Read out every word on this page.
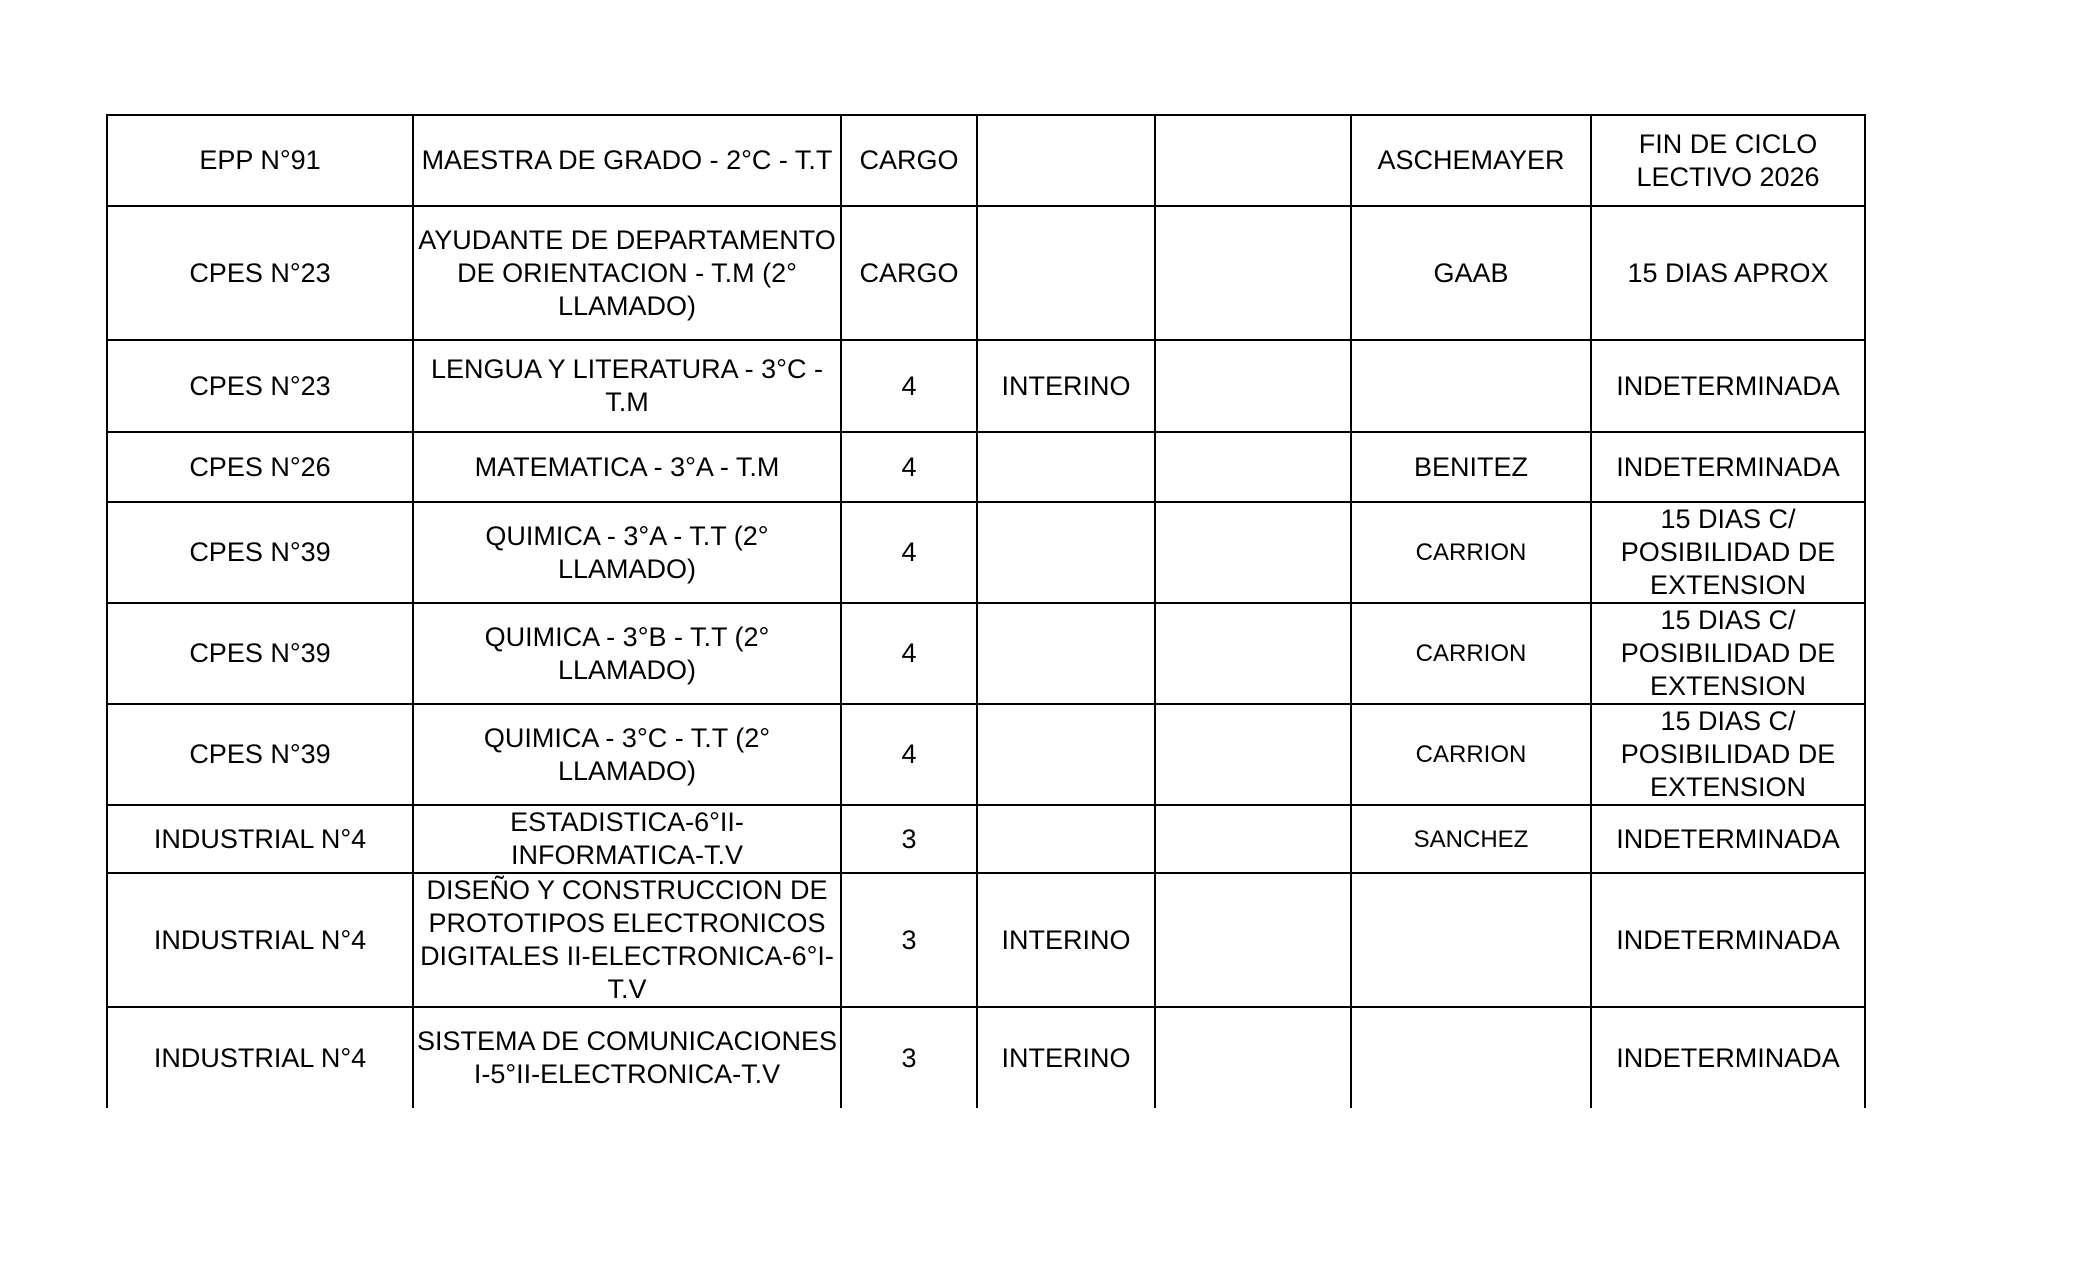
EPP N°91	MAESTRA DE GRADO - 2°C - T.T	CARGO			ASCHEMAYER	FIN DE CICLO LECTIVO 2026
CPES N°23	AYUDANTE DE DEPARTAMENTO DE ORIENTACION - T.M (2° LLAMADO)	CARGO			GAAB	15 DIAS APROX
CPES N°23	LENGUA Y LITERATURA - 3°C - T.M	4	INTERINO			INDETERMINADA
CPES N°26	MATEMATICA - 3°A - T.M	4			BENITEZ	INDETERMINADA
CPES N°39	QUIMICA - 3°A - T.T (2° LLAMADO)	4			CARRION	15 DIAS C/ POSIBILIDAD DE EXTENSION
CPES N°39	QUIMICA - 3°B - T.T (2° LLAMADO)	4			CARRION	15 DIAS C/ POSIBILIDAD DE EXTENSION
CPES N°39	QUIMICA - 3°C - T.T (2° LLAMADO)	4			CARRION	15 DIAS C/ POSIBILIDAD DE EXTENSION
INDUSTRIAL N°4	ESTADISTICA-6°II-INFORMATICA-T.V	3			SANCHEZ	INDETERMINADA
INDUSTRIAL N°4	DISEÑO Y CONSTRUCCION DE PROTOTIPOS ELECTRONICOS DIGITALES II-ELECTRONICA-6°I-T.V	3	INTERINO			INDETERMINADA
INDUSTRIAL N°4	SISTEMA DE COMUNICACIONES I-5°II-ELECTRONICA-T.V	3	INTERINO			INDETERMINADA
